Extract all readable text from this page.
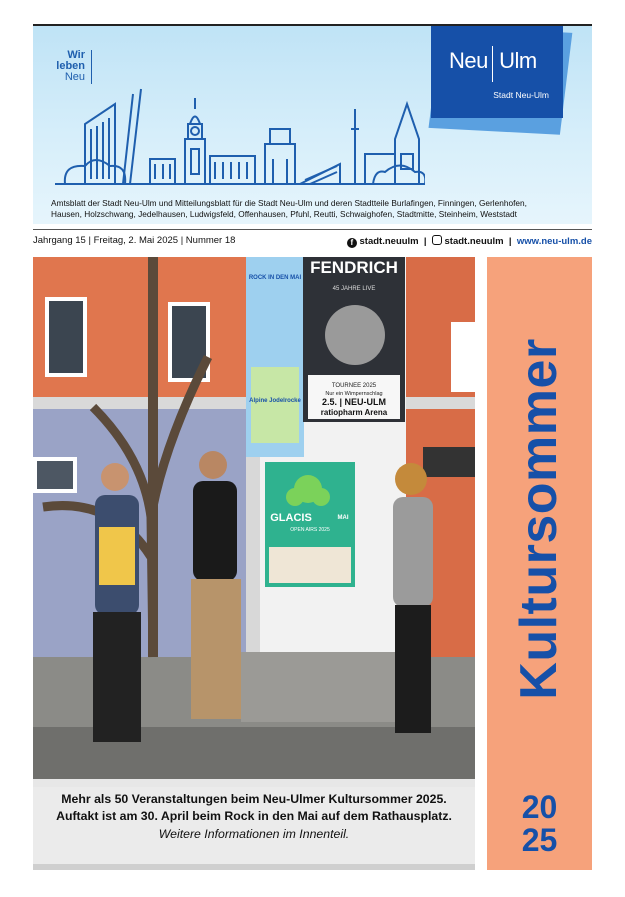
Wir
leben
Neu
Neu Ulm
Stadt Neu-Ulm
Amtsblatt der Stadt Neu-Ulm und Mitteilungsblatt für die Stadt Neu-Ulm und deren Stadtteile Burlafingen, Finningen, Gerlenhofen,
Hausen, Holzschwang, Jedelhausen, Ludwigsfeld, Offenhausen, Pfuhl, Reutti, Schwaighofen, Stadtmitte, Steinheim, Weststadt
Jahrgang 15 | Freitag, 2. Mai 2025 | Nummer 18	f stadt.neuulm | stadt.neuulm | www.neu-ulm.de
FENDRICH
45 JAHRE LIVE
TOURNEE 2025
Nur ein Wimpernschlag
2.5. | NEU-ULM
ratiopharm Arena
ROCK IN DEN MAI
Alpine Jodelrocke
GLACIS	MAI
OPEN AIRS 2025
Mehr als 50 Veranstaltungen beim Neu-Ulmer Kultursommer 2025.
Auftakt ist am 30. April beim Rock in den Mai auf dem Rathausplatz.
Weitere Informationen im Innenteil.
Kultursommer
20
25
